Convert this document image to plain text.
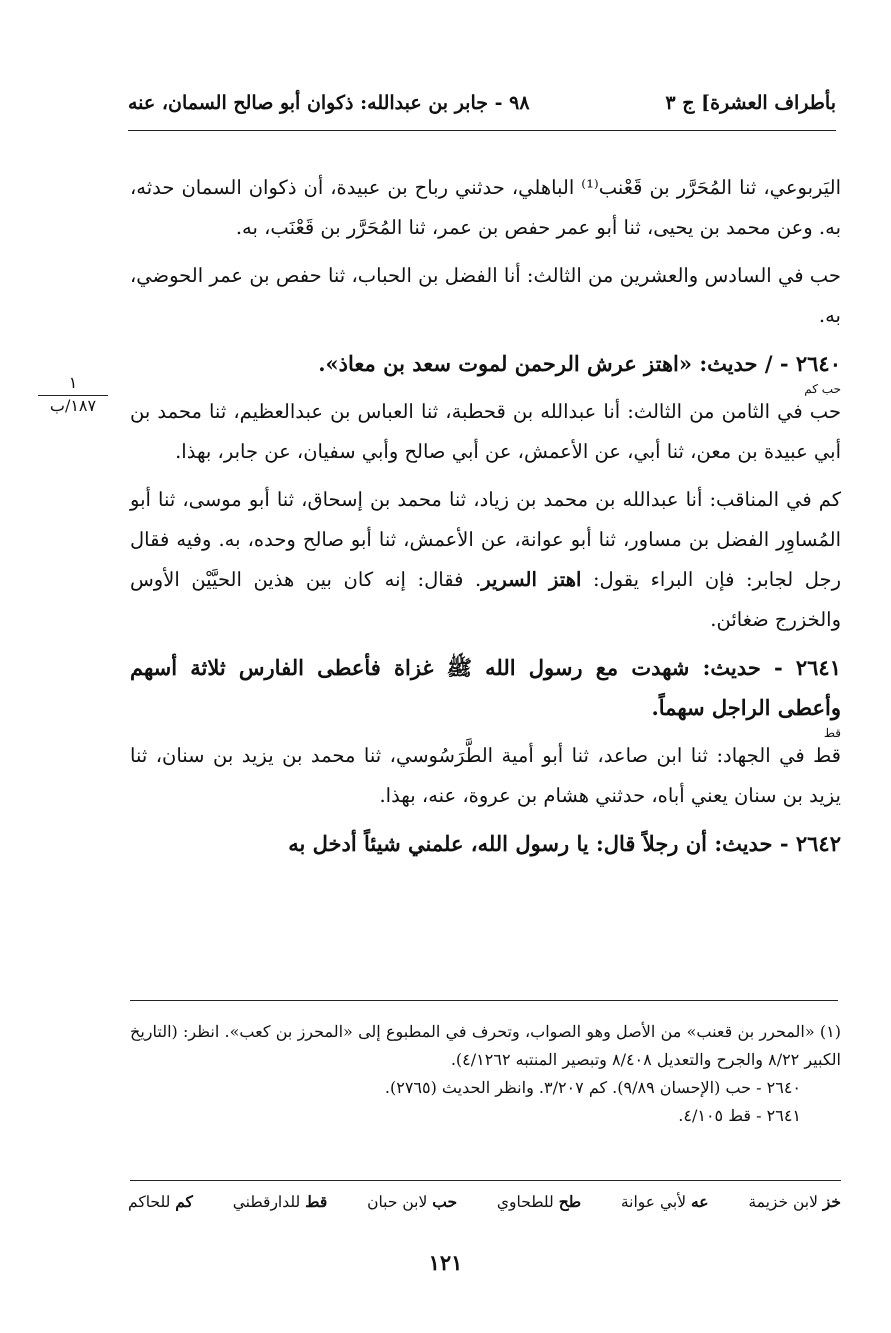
بأطراف العشرة] ج ٣
٩٨ - جابر بن عبدالله: ذكوان أبو صالح السمان، عنه
١
١٨٧/ب

اليَربوعي، ثنا المُحَرَّر بن قَعْنب⁽¹⁾ الباهلي، حدثني رباح بن عبيدة، أن ذكوان السمان حدثه، به. وعن محمد بن يحيى، ثنا أبو عمر حفص بن عمر، ثنا المُحَرَّر بن قَعْنَب، به.

حب في السادس والعشرين من الثالث: أنا الفضل بن الحباب، ثنا حفص بن عمر الحوضي، به.

٢٦٤٠ - / حديث: «اهتز عرش الرحمن لموت سعد بن معاذ».

حب كم

حب في الثامن من الثالث: أنا عبدالله بن قحطبة، ثنا العباس بن عبدالعظيم، ثنا محمد بن أبي عبيدة بن معن، ثنا أبي، عن الأعمش، عن أبي صالح وأبي سفيان، عن جابر، بهذا.

كم في المناقب: أنا عبدالله بن محمد بن زياد، ثنا محمد بن إسحاق، ثنا أبو موسى، ثنا أبو المُساوِر الفضل بن مساور، ثنا أبو عوانة، عن الأعمش، ثنا أبو صالح وحده، به. وفيه فقال رجل لجابر: فإن البراء يقول: اهتز السرير. فقال: إنه كان بين هذين الحيَّيْن الأوس والخزرج ضغائن.

٢٦٤١ - حديث: شهدت مع رسول الله ﷺ غزاة فأعطى الفارس ثلاثة أسهم وأعطى الراجل سهماً.

قط

قط في الجهاد: ثنا ابن صاعد، ثنا أبو أمية الطَّرَسُوسي، ثنا محمد بن يزيد بن سنان، ثنا يزيد بن سنان يعني أباه، حدثني هشام بن عروة، عنه، بهذا.

٢٦٤٢ - حديث: أن رجلاً قال: يا رسول الله، علمني شيئاً أدخل به

(١) «المحرر بن قعنب» من الأصل وهو الصواب، وتحرف في المطبوع إلى «المحرز بن كعب». انظر: (التاريخ الكبير ٨/٢٢ والجرح والتعديل ٨/٤٠٨ وتبصير المنتبه ٤/١٢٦٢).

٢٦٤٠ - حب (الإحسان ٩/٨٩). كم ٣/٢٠٧. وانظر الحديث (٢٧٦٥).

٢٦٤١ - قط ٤/١٠٥.

خز لابن خزيمة
عه لأبي عوانة
طح للطحاوي
حب لابن حبان
قط للدارقطني
كم للحاكم
١٢١
